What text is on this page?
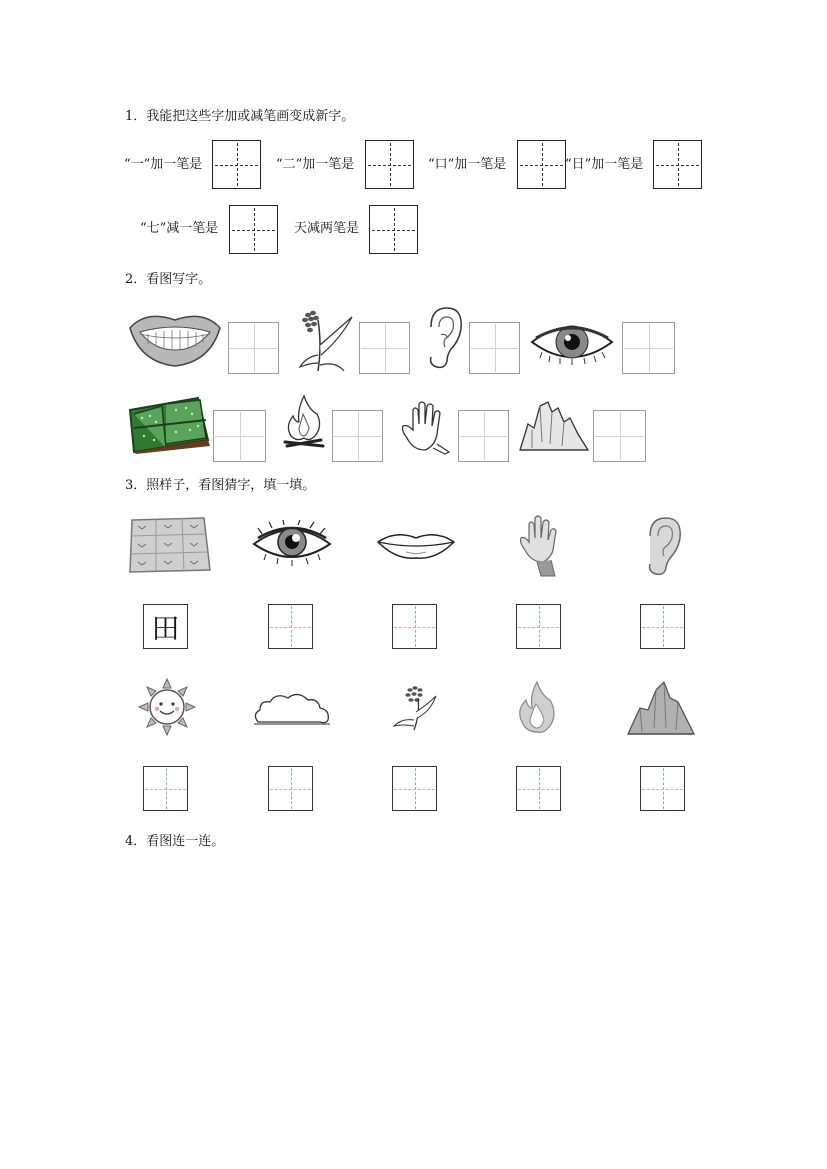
1．我能把这些字加或减笔画变成新字。
“一”加一笔是	“二”加一笔是	“口”加一笔是	“日”加一笔是
“七”减一笔是	天减两笔是
2．看图写字。
3．照样子，看图猜字，填一填。
田
4．看图连一连。
